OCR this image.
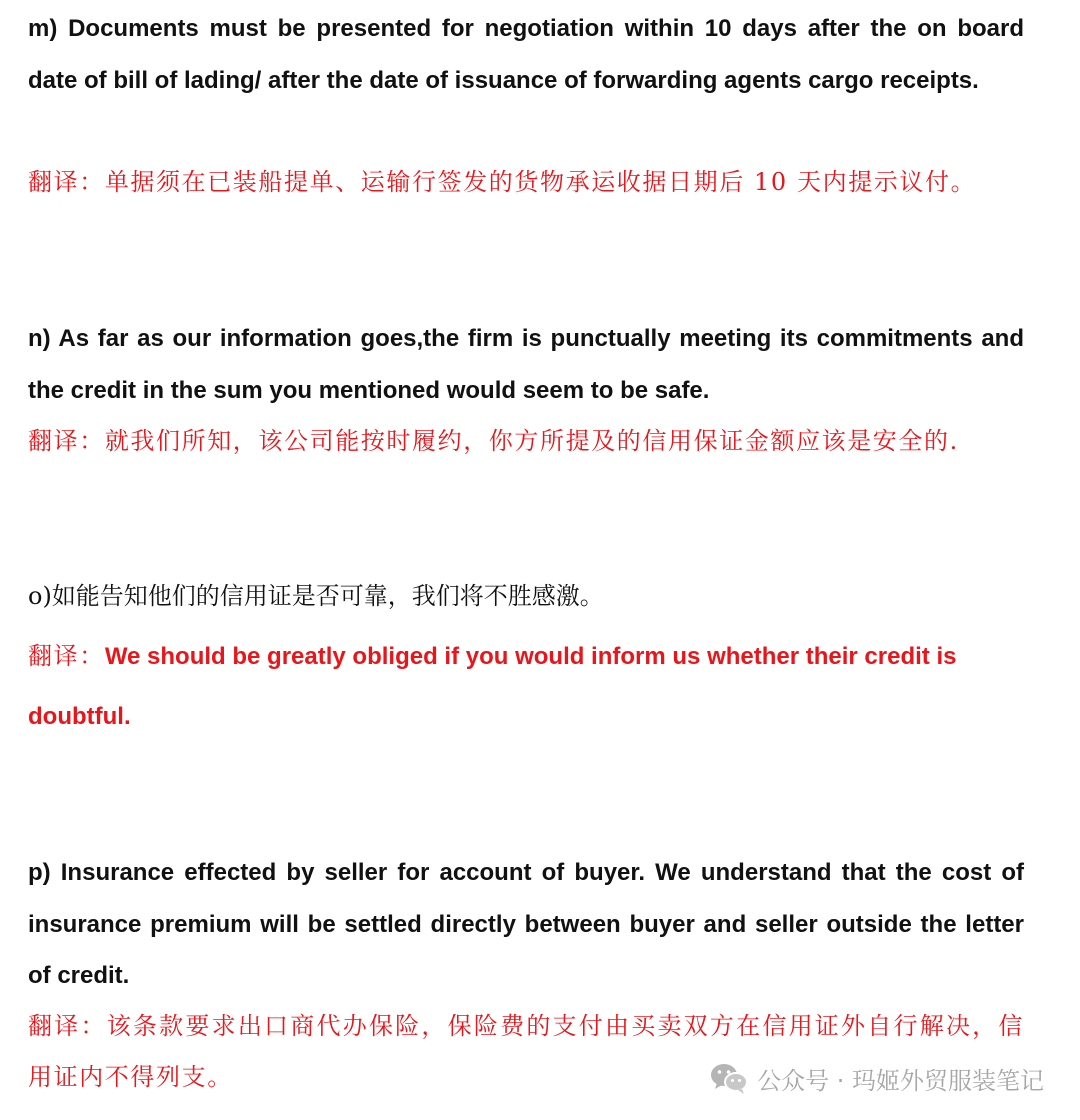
m) Documents must be presented for negotiation within 10 days after the on board date of bill of lading/ after the date of issuance of forwarding agents cargo receipts.

翻译：单据须在已装船提单、运输行签发的货物承运收据日期后 10 天内提示议付。

n) As far as our information goes,the firm is punctually meeting its commitments and the credit in the sum you mentioned would seem to be safe.

翻译：就我们所知，该公司能按时履约，你方所提及的信用保证金额应该是安全的.

o)如能告知他们的信用证是否可靠，我们将不胜感激。

翻译：We should be greatly obliged if you would inform us whether their credit is doubtful.

p) Insurance effected by seller for account of buyer. We understand that the cost of insurance premium will be settled directly between buyer and seller outside the letter of credit.

翻译：该条款要求出口商代办保险，保险费的支付由买卖双方在信用证外自行解决，信用证内不得列支。	公众号 · 玛姬外贸服装笔记
